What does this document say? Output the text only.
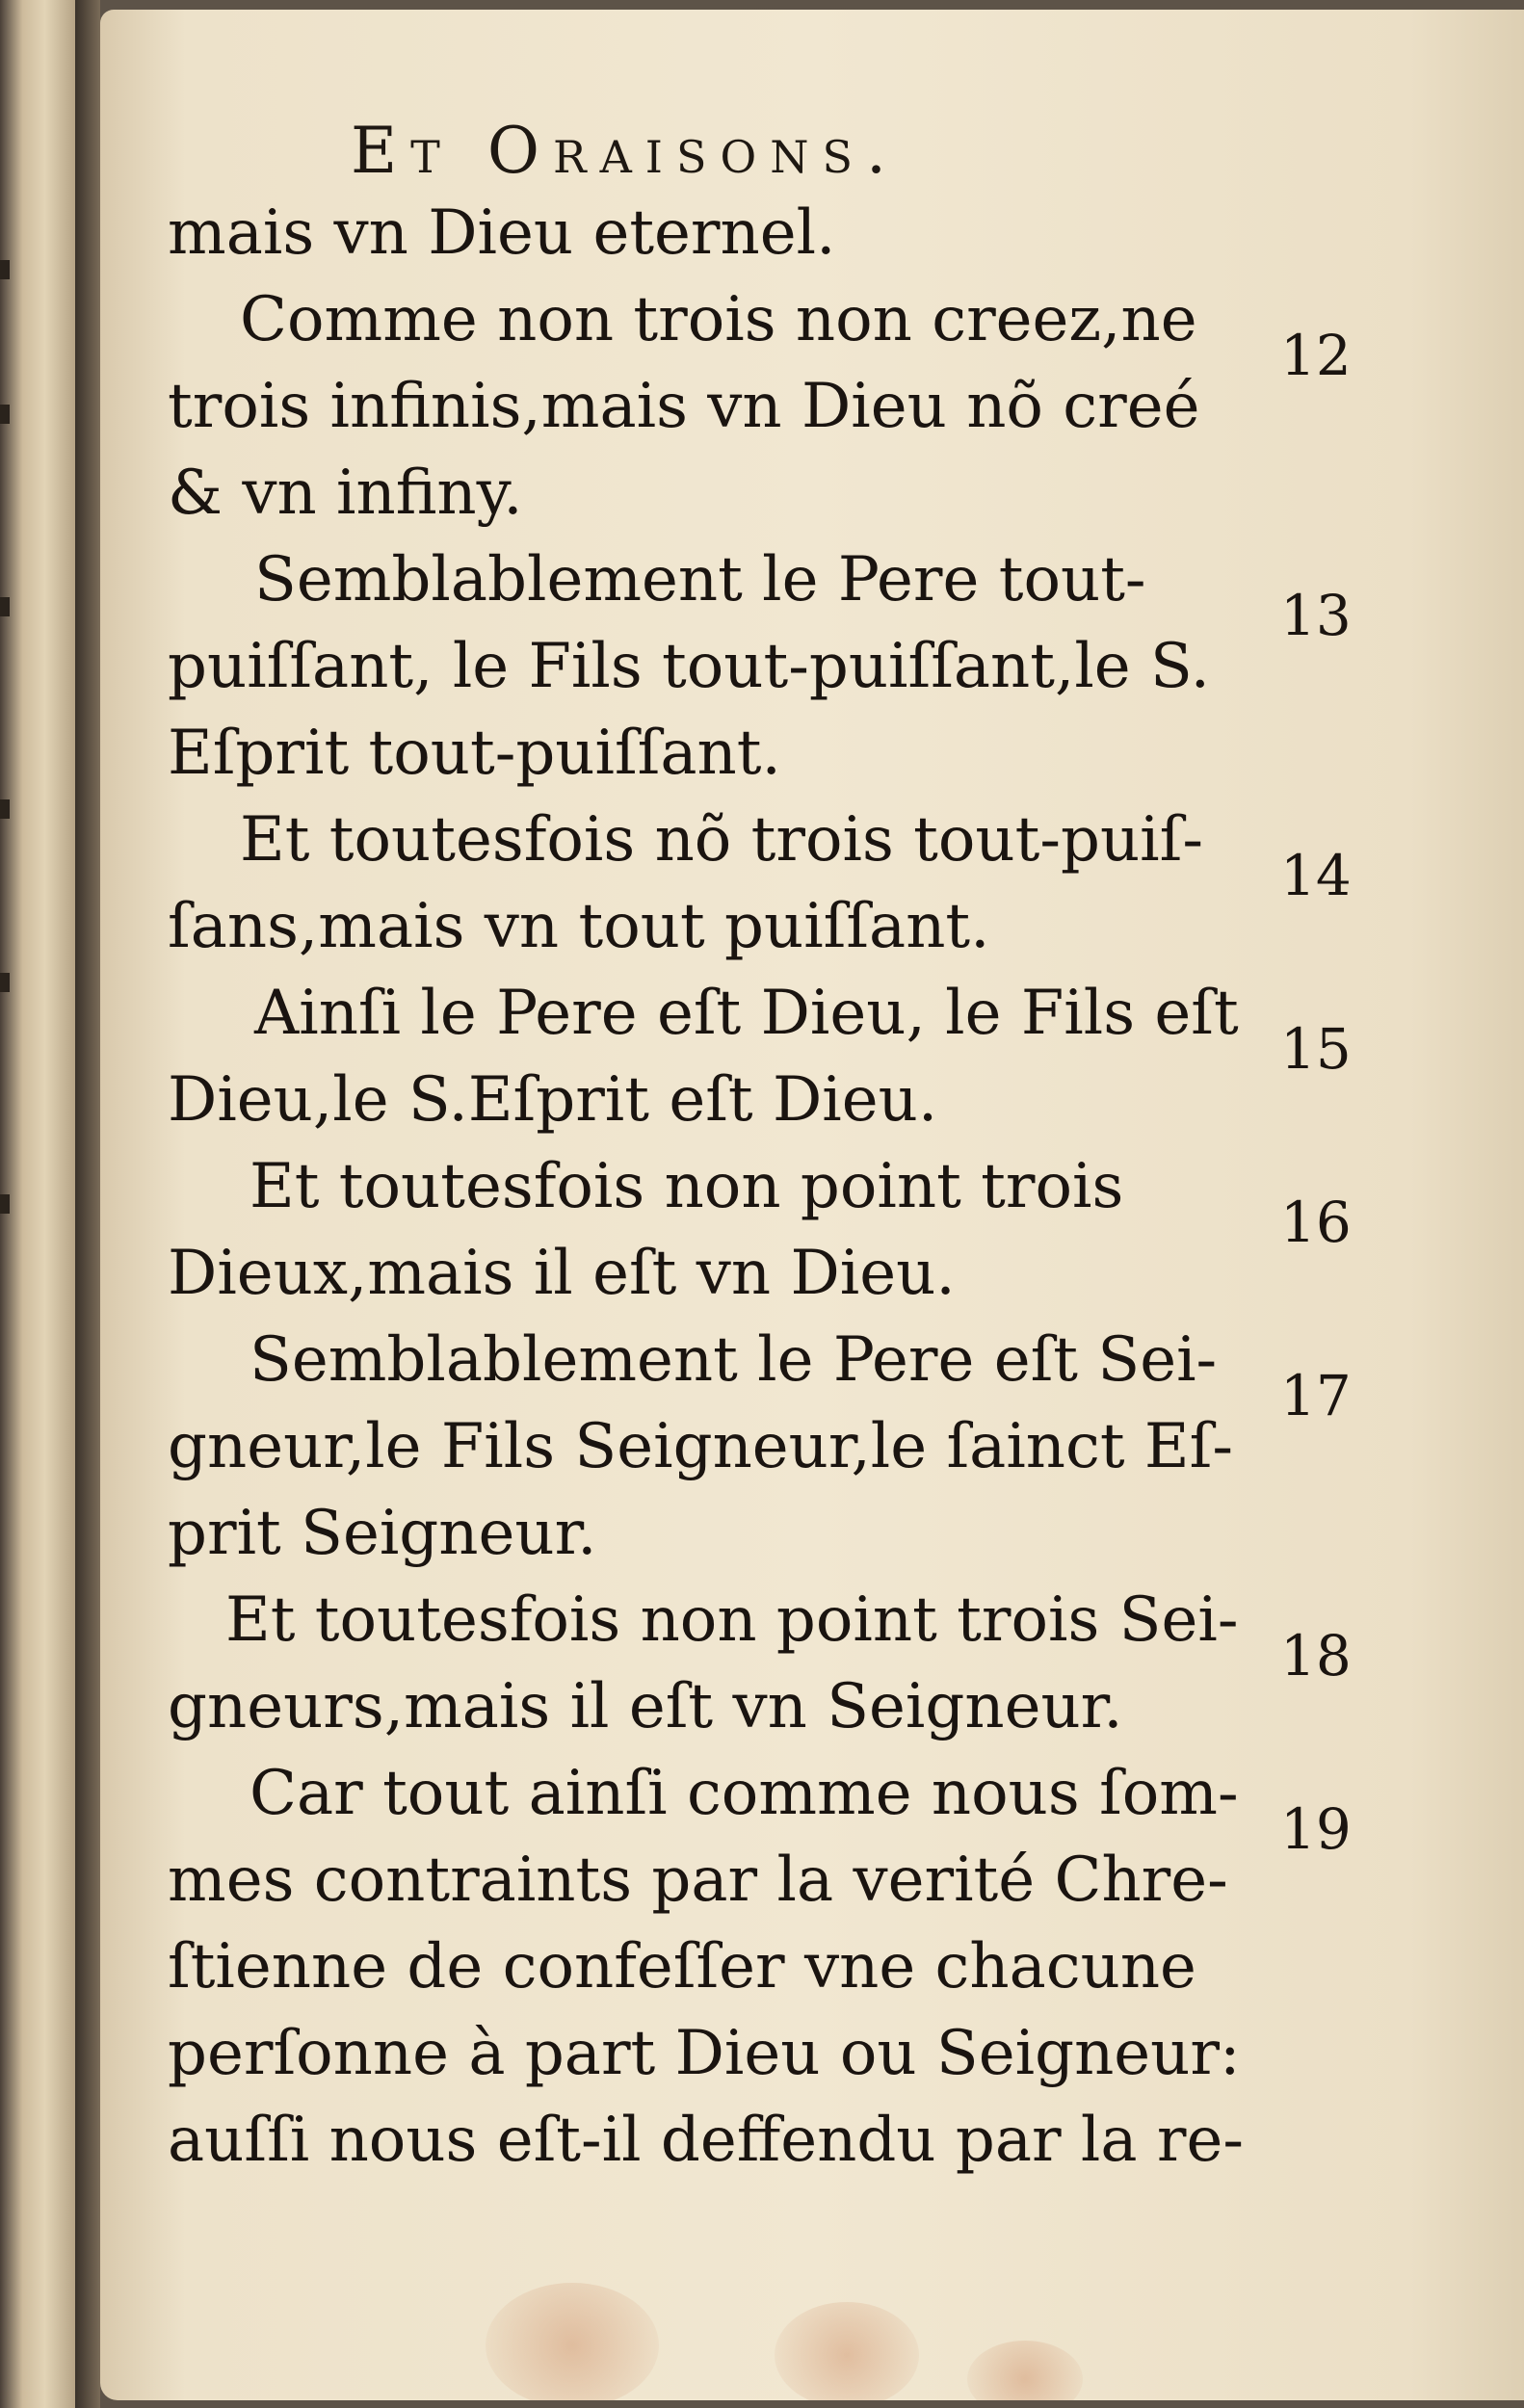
Et Oraisons.
mais vn Dieu eternel.
Comme non trois non creez,ne
trois infinis,mais vn Dieu nõ creé
& vn infiny.
Semblablement le Pere tout-
puiſſant, le Fils tout-puiſſant,le S.
Eſprit tout-puiſſant.
Et toutesfois nõ trois tout-puiſ-
ſans,mais vn tout puiſſant.
Ainſi le Pere eſt Dieu, le Fils eſt
Dieu,le S.Eſprit eſt Dieu.
Et toutesfois non point trois
Dieux,mais il eſt vn Dieu.
Semblablement le Pere eſt Sei-
gneur,le Fils Seigneur,le ſainct Eſ-
prit Seigneur.
Et toutesfois non point trois Sei-
gneurs,mais il eſt vn Seigneur.
Car tout ainſi comme nous ſom-
mes contraints par la verité Chre-
ſtienne de confeſſer vne chacune
perſonne à part Dieu ou Seigneur:
auſſi nous eſt-il deffendu par la re-
12
13
14
15
16
17
18
19
